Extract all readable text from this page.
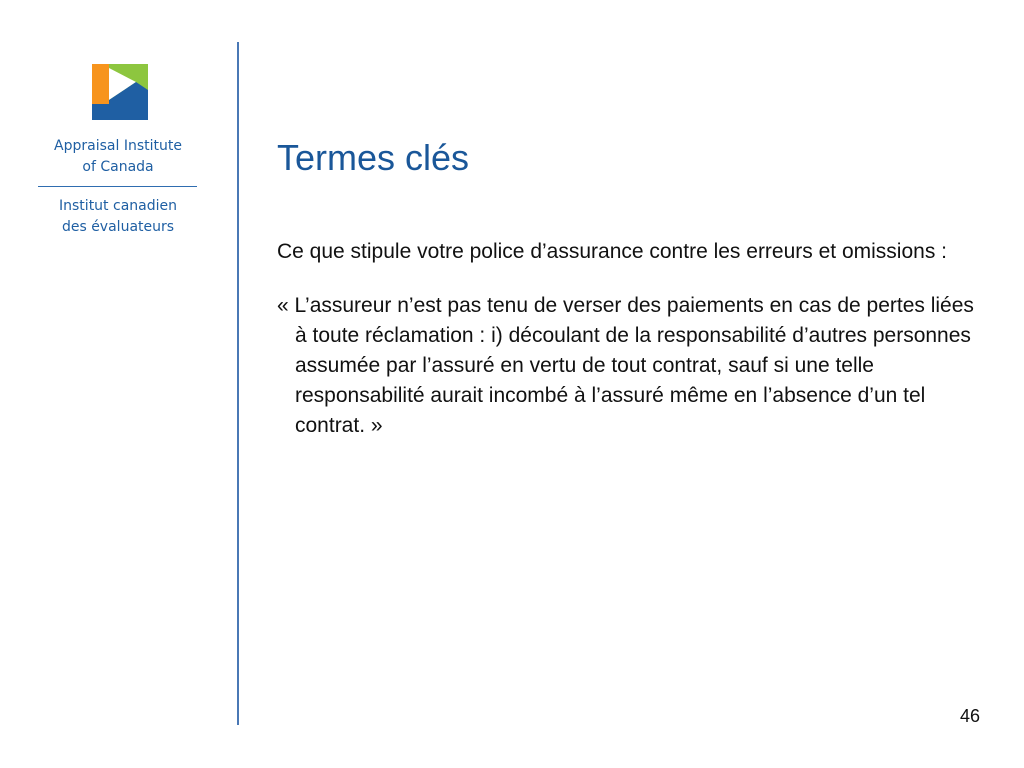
Appraisal Institute
of Canada
Institut canadien
des évaluateurs
Termes clés

Ce que stipule votre police d’assurance contre les erreurs et omissions :

« L’assureur n’est pas tenu de verser des paiements en cas de pertes liées à toute réclamation : i) découlant de la responsabilité d’autres personnes assumée par l’assuré en vertu de tout contrat, sauf si une telle responsabilité aurait incombé à l’assuré même en l’absence d’un tel contrat. »

46
